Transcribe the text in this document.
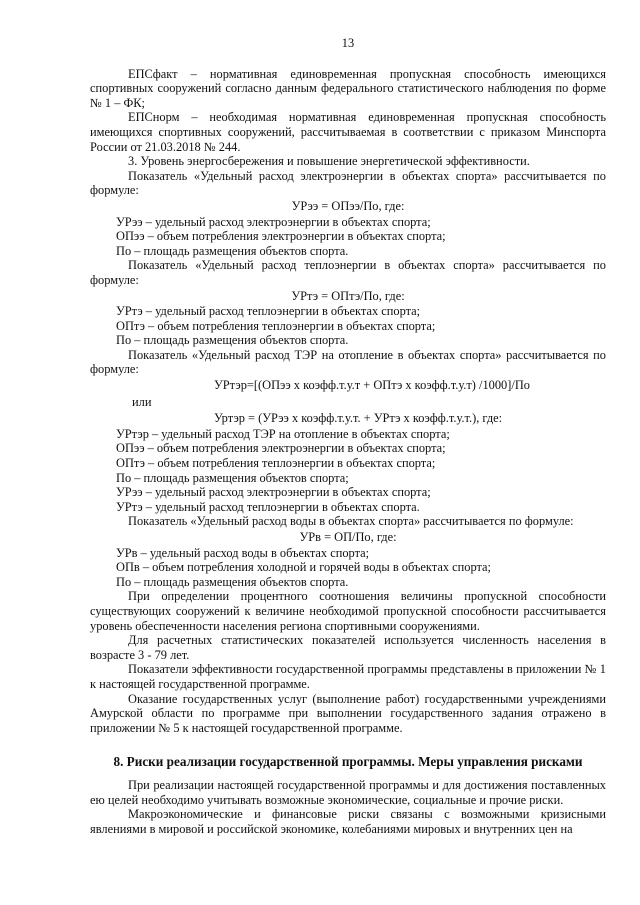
13

ЕПСфакт – нормативная единовременная пропускная способность имеющихся спортивных сооружений согласно данным федерального статистического наблюдения по форме № 1 – ФК;

ЕПСнорм – необходимая нормативная единовременная пропускная способность имеющихся спортивных сооружений, рассчитываемая в соответствии с приказом Минспорта России от 21.03.2018 № 244.

3. Уровень энергосбережения и повышение энергетической эффективности.

Показатель «Удельный расход электроэнергии в объектах спорта» рассчитывается по формуле:

УРээ = ОПээ/По, где:

УРээ – удельный расход электроэнергии в объектах спорта;

ОПээ – объем потребления электроэнергии в объектах спорта;

По – площадь размещения объектов спорта.

Показатель «Удельный расход теплоэнергии в объектах спорта» рассчитывается по формуле:

УРтэ = ОПтэ/По, где:

УРтэ – удельный расход теплоэнергии в объектах спорта;

ОПтэ – объем потребления теплоэнергии в объектах спорта;

По – площадь размещения объектов спорта.

Показатель «Удельный расход ТЭР на отопление в объектах спорта» рассчитывается по формуле:

УРтэр=[(ОПээ х коэфф.т.у.т + ОПтэ х коэфф.т.у.т) /1000]/По

или

Уртэр = (УРээ х коэфф.т.у.т. + УРтэ х коэфф.т.у.т.), где:

УРтэр – удельный расход ТЭР на отопление в объектах спорта;

ОПээ – объем потребления электроэнергии в объектах спорта;

ОПтэ – объем потребления теплоэнергии в объектах спорта;

По – площадь размещения объектов спорта;

УРээ – удельный расход электроэнергии в объектах спорта;

УРтэ – удельный расход теплоэнергии в объектах спорта.

Показатель «Удельный расход воды в объектах спорта» рассчитывается по формуле:

УРв = ОП/По, где:

УРв – удельный расход воды в объектах спорта;

ОПв – объем потребления холодной и горячей воды в объектах спорта;

По – площадь размещения объектов спорта.

При определении процентного соотношения величины пропускной способности существующих сооружений к величине необходимой пропускной способности рассчитывается уровень обеспеченности населения региона спортивными сооружениями.

Для расчетных статистических показателей используется численность населения в возрасте 3 - 79 лет.

Показатели эффективности государственной программы представлены в приложении № 1 к настоящей государственной программе.

Оказание государственных услуг (выполнение работ) государственными учреждениями Амурской области по программе при выполнении государственного задания отражено в приложении № 5 к настоящей государственной программе.

8. Риски реализации государственной программы. Меры управления рисками

При реализации настоящей государственной программы и для достижения поставленных ею целей необходимо учитывать возможные экономические, социальные и прочие риски.

Макроэкономические и финансовые риски связаны с возможными кризисными явлениями в мировой и российской экономике, колебаниями мировых и внутренних цен на
